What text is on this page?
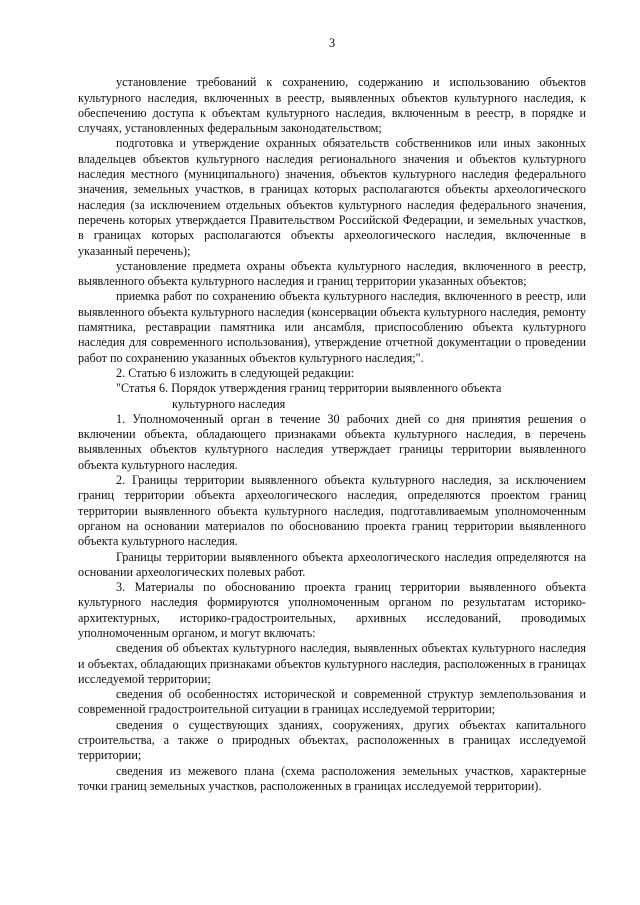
3

установление требований к сохранению, содержанию и использованию объектов культурного наследия, включенных в реестр, выявленных объектов культурного наследия, к обеспечению доступа к объектам культурного наследия, включенным в реестр, в порядке и случаях, установленных федеральным законодательством;

подготовка и утверждение охранных обязательств собственников или иных законных владельцев объектов культурного наследия регионального значения и объектов культурного наследия местного (муниципального) значения, объектов культурного наследия федерального значения, земельных участков, в границах которых располагаются объекты археологического наследия (за исключением отдельных объектов культурного наследия федерального значения, перечень которых утверждается Правительством Российской Федерации, и земельных участков, в границах которых располагаются объекты археологического наследия, включенные в указанный перечень);

установление предмета охраны объекта культурного наследия, включенного в реестр, выявленного объекта культурного наследия и границ территории указанных объектов;

приемка работ по сохранению объекта культурного наследия, включенного в реестр, или выявленного объекта культурного наследия (консервации объекта культурного наследия, ремонту памятника, реставрации памятника или ансамбля, приспособлению объекта культурного наследия для современного использования), утверждение отчетной документации о проведении работ по сохранению указанных объектов культурного наследия;".

2. Статью 6 изложить в следующей редакции:

"Статья 6. Порядок утверждения границ территории выявленного объекта
культурного наследия

1. Уполномоченный орган в течение 30 рабочих дней со дня принятия решения о включении объекта, обладающего признаками объекта культурного наследия, в перечень выявленных объектов культурного наследия утверждает границы территории выявленного объекта культурного наследия.

2. Границы территории выявленного объекта культурного наследия, за исключением границ территории объекта археологического наследия, определяются проектом границ территории выявленного объекта культурного наследия, подготавливаемым уполномоченным органом на основании материалов по обоснованию проекта границ территории выявленного объекта культурного наследия.

Границы территории выявленного объекта археологического наследия определяются на основании археологических полевых работ.

3. Материалы по обоснованию проекта границ территории выявленного объекта культурного наследия формируются уполномоченным органом по результатам историко-архитектурных, историко-градостроительных, архивных исследований, проводимых уполномоченным органом, и могут включать:

сведения об объектах культурного наследия, выявленных объектах культурного наследия и объектах, обладающих признаками объектов культурного наследия, расположенных в границах исследуемой территории;

сведения об особенностях исторической и современной структур землепользования и современной градостроительной ситуации в границах исследуемой территории;

сведения о существующих зданиях, сооружениях, других объектах капитального строительства, а также о природных объектах, расположенных в границах исследуемой территории;

сведения из межевого плана (схема расположения земельных участков, характерные точки границ земельных участков, расположенных в границах исследуемой территории).
